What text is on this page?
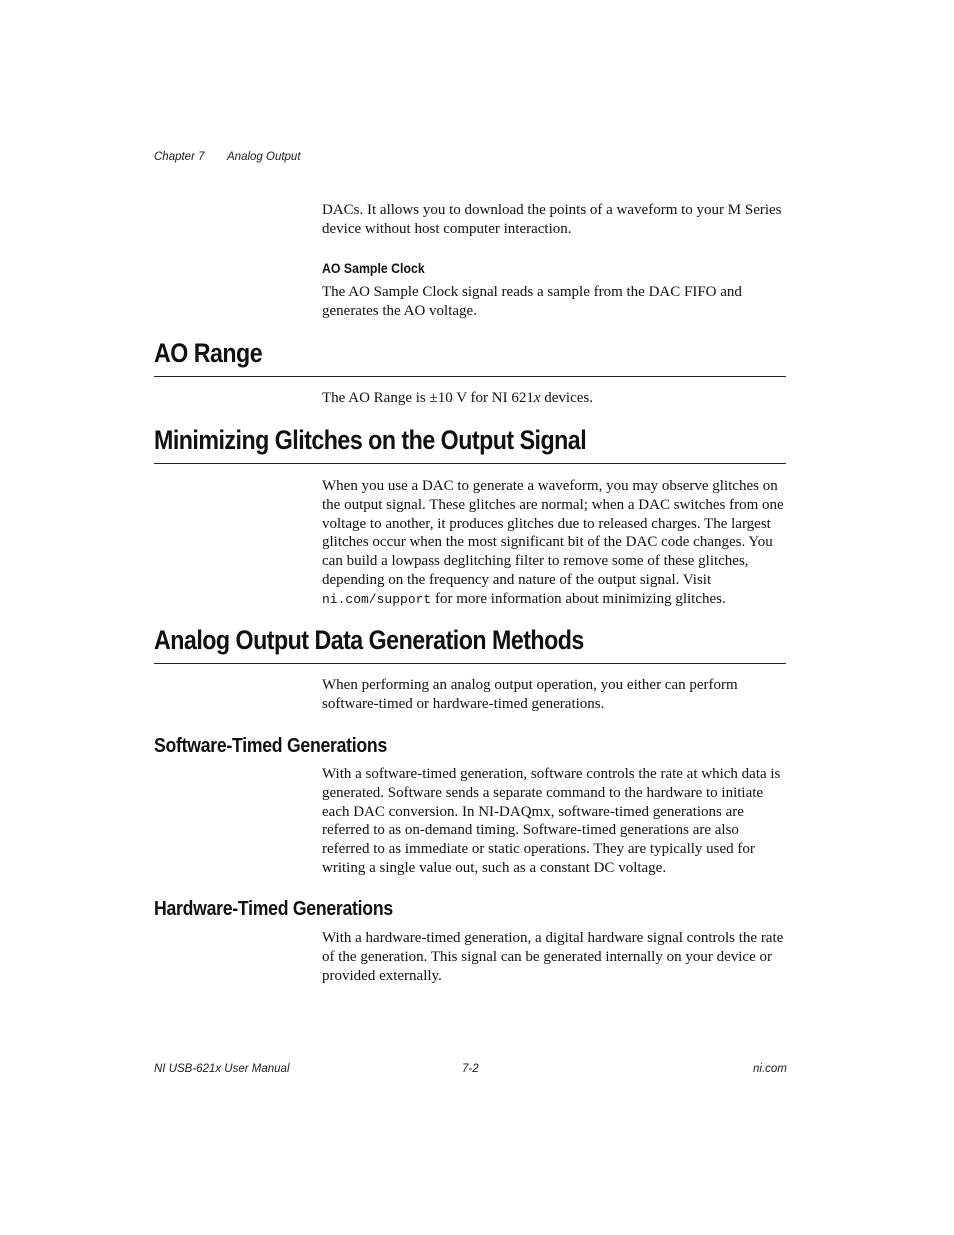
Chapter 7 Analog Output

DACs. It allows you to download the points of a waveform to your M Series device without host computer interaction.

AO Sample Clock

The AO Sample Clock signal reads a sample from the DAC FIFO and generates the AO voltage.

AO Range

The AO Range is ±10 V for NI 621x devices.

Minimizing Glitches on the Output Signal

When you use a DAC to generate a waveform, you may observe glitches on the output signal. These glitches are normal; when a DAC switches from one voltage to another, it produces glitches due to released charges. The largest glitches occur when the most significant bit of the DAC code changes. You can build a lowpass deglitching filter to remove some of these glitches, depending on the frequency and nature of the output signal. Visit ni.com/support for more information about minimizing glitches.

Analog Output Data Generation Methods

When performing an analog output operation, you either can perform software-timed or hardware-timed generations.

Software-Timed Generations

With a software-timed generation, software controls the rate at which data is generated. Software sends a separate command to the hardware to initiate each DAC conversion. In NI-DAQmx, software-timed generations are referred to as on-demand timing. Software-timed generations are also referred to as immediate or static operations. They are typically used for writing a single value out, such as a constant DC voltage.

Hardware-Timed Generations

With a hardware-timed generation, a digital hardware signal controls the rate of the generation. This signal can be generated internally on your device or provided externally.

NI USB-621x User Manual	7-2	ni.com
